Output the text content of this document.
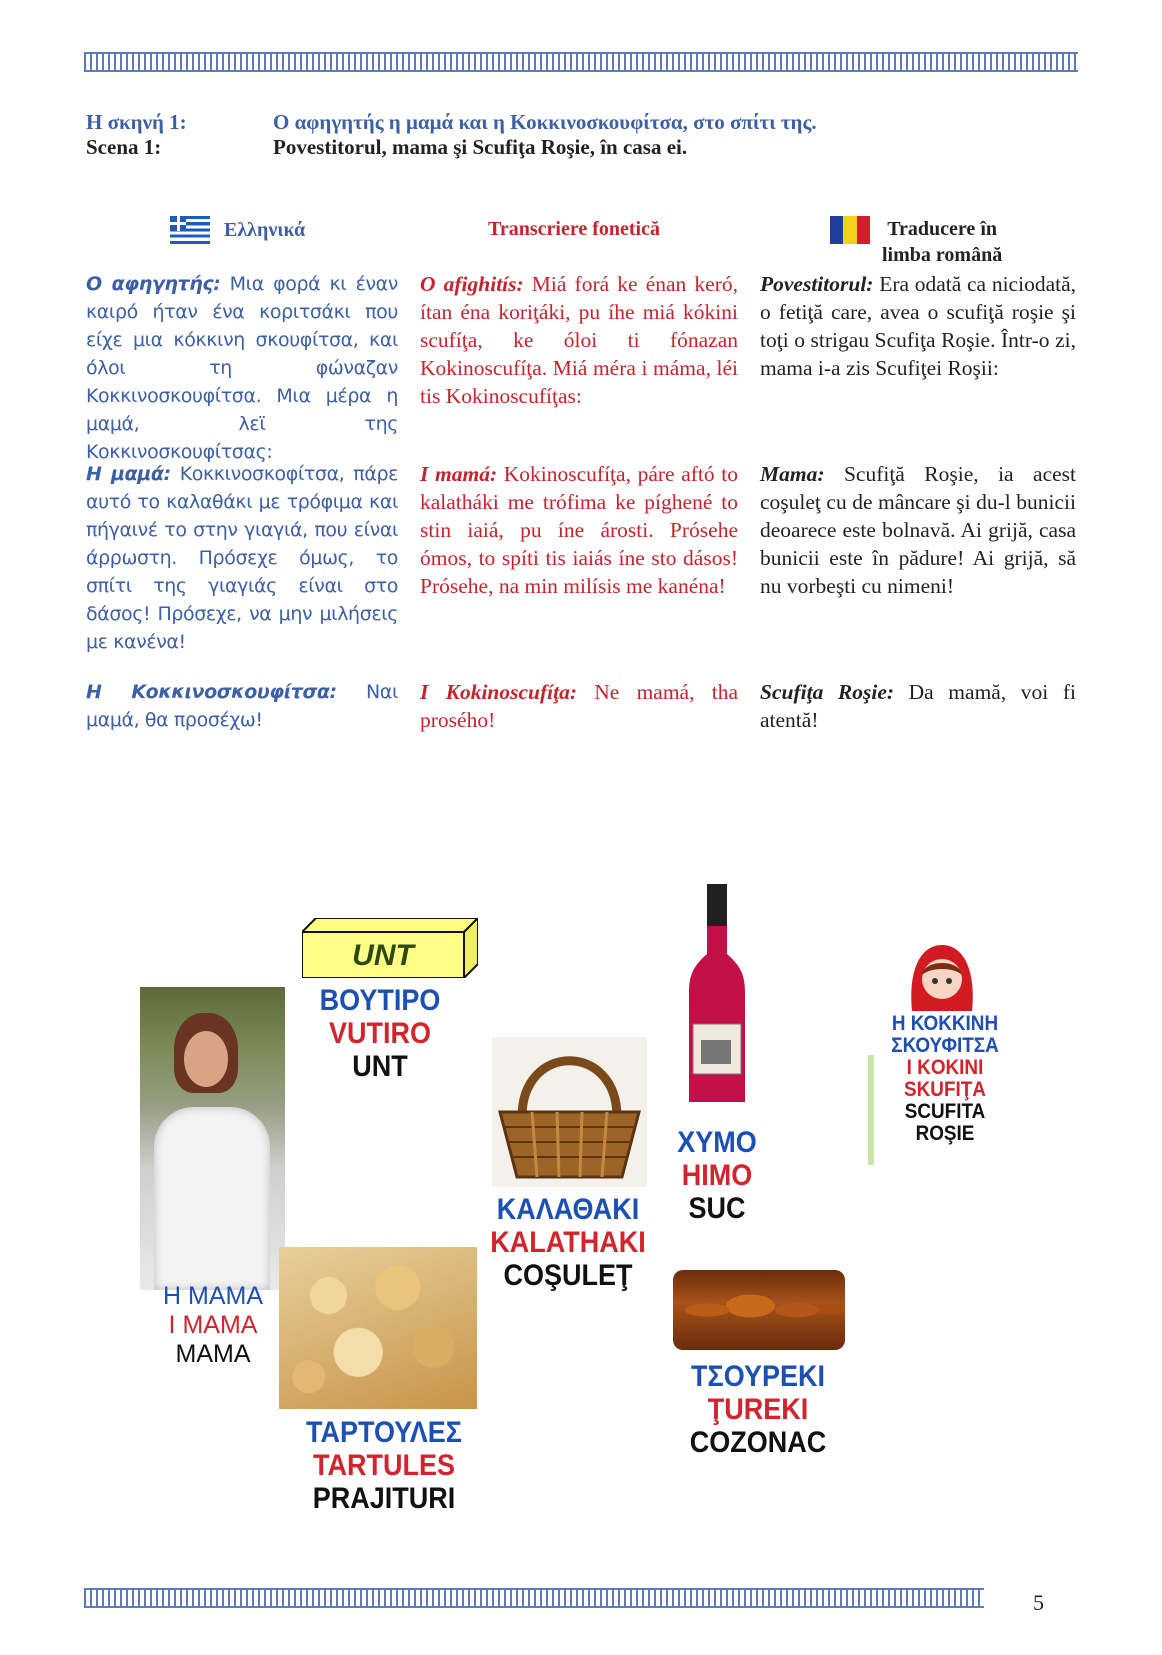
Η σκηνή 1:
Scena 1:
Ο αφηγητής η μαμά και η Κοκκινοσκουφίτσα, στο σπίτι της.
Povestitorul, mama şi Scufiţa Roşie, în casa ei.
Ελληνικά	Transcriere fonetică	Traducere în
limba română

Ο αφηγητής: Μια φορά κι έναν καιρό ήταν ένα κοριτσάκι που είχε μια κόκκινη σκουφίτσα, και όλοι τη φώναζαν Κοκκινοσκουφίτσα. Μια μέρα η μαμά, λεϊ της Κοκκινοσκουφίτσας:

O afighitís: Miá forá ke énan keró, ítan éna koriţáki, pu íhe miá kókini scufíţa, ke óloi ti fónazan Kokinoscufíţa. Miá méra i máma, léi tis Kokinoscufíţas:

Povestitorul: Era odată ca niciodată, o fetiţă care, avea o scufiţă roşie şi toţi o strigau Scufiţa Roşie. Într-o zi, mama i-a zis Scufiţei Roşii:

Η μαμά: Κοκκινοσκοφίτσα, πάρε αυτό το καλαθάκι με τρόφιμα και πήγαινέ το στην γιαγιά, που είναι άρρωστη. Πρόσεχε όμως, το σπίτι της γιαγιάς είναι στο δάσος! Πρόσεχε, να μην μιλήσεις με κανένα!

I mamá: Kokinoscufíţa, páre aftó to kalatháki me trófima ke píghené to stin iaiá, pu íne árosti. Prósehe ómos, to spíti tis iaiás íne sto dásos! Prósehe, na min milísis me kanéna!

Mama: Scufiţă Roşie, ia acest coşuleţ cu de mâncare şi du-l bunicii deoarece este bolnavă. Ai grijă, casa bunicii este în pădure! Ai grijă, să nu vorbeşti cu nimeni!

Η Κοκκινοσκουφίτσα: Ναι μαμά, θα προσέχω!

I Kokinoscufíţa: Ne mamá, tha prosého!

Scufiţa Roşie: Da mamă, voi fi atentă!

UNT
ΒΟΥΤΙΡΟ
VUTIRO
UNT
Η ΜΑΜΑ
I MAMA
MAMA
ΚΑΛΑΘΑΚΙ
KALATHAKI
COŞULEŢ
ΧΥΜΟ
HIMO
SUC
Η ΚΟΚΚΙΝΗ
ΣΚΟΥΦΙΤΣΑ
I KOKINI
SKUFIŢA
SCUFITA
ROŞIE
ΤΑΡΤΟΥΛΕΣ
TARTULES
PRAJITURI
ΤΣΟΥΡΕΚΙ
ŢUREKI
COZONAC
5
